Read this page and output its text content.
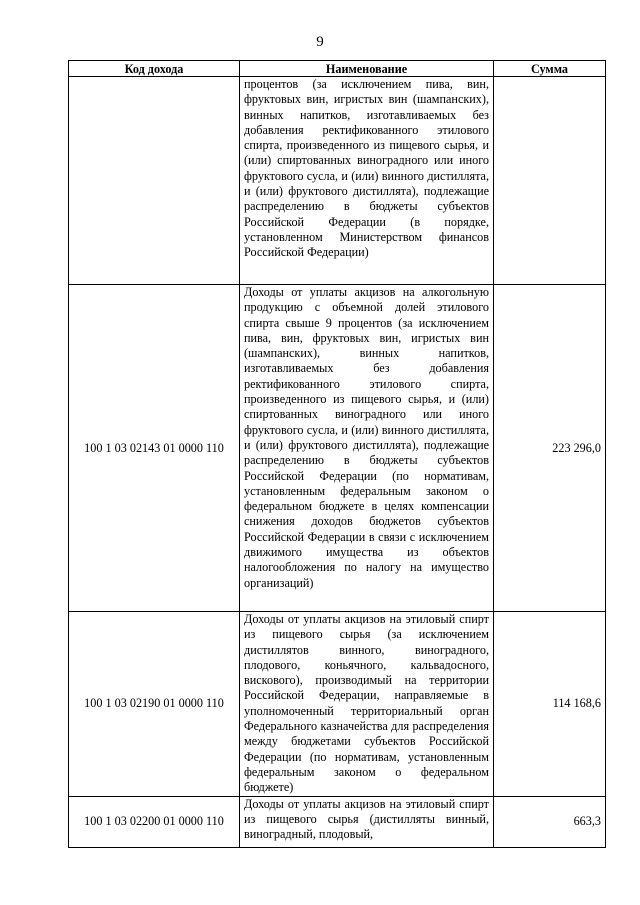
9
Код дохода	Наименование	Сумма
	процентов (за исключением пива, вин, фруктовых вин, игристых вин (шампанских), винных напитков, изготавливаемых без добавления ректификованного этилового спирта, произведенного из пищевого сырья, и (или) спиртованных виноградного или иного фруктового сусла, и (или) винного дистиллята, и (или) фруктового дистиллята), подлежащие распределению в бюджеты субъектов Российской Федерации (в порядке, установленном Министерством финансов Российской Федерации)	
100 1 03 02143 01 0000 110	Доходы от уплаты акцизов на алкогольную продукцию с объемной долей этилового спирта свыше 9 процентов (за исключением пива, вин, фруктовых вин, игристых вин (шампанских), винных напитков, изготавливаемых без добавления ректификованного этилового спирта, произведенного из пищевого сырья, и (или) спиртованных виноградного или иного фруктового сусла, и (или) винного дистиллята, и (или) фруктового дистиллята), подлежащие распределению в бюджеты субъектов Российской Федерации (по нормативам, установленным федеральным законом о федеральном бюджете в целях компенсации снижения доходов бюджетов субъектов Российской Федерации в связи с исключением движимого имущества из объектов налогообложения по налогу на имущество организаций)	223 296,0
100 1 03 02190 01 0000 110	Доходы от уплаты акцизов на этиловый спирт из пищевого сырья (за исключением дистиллятов винного, виноградного, плодового, коньячного, кальвадосного, вискового), производимый на территории Российской Федерации, направляемые в уполномоченный территориальный орган Федерального казначейства для распределения между бюджетами субъектов Российской Федерации (по нормативам, установленным федеральным законом о федеральном бюджете)	114 168,6
100 1 03 02200 01 0000 110	Доходы от уплаты акцизов на этиловый спирт из пищевого сырья (дистилляты винный, виноградный, плодовый,	663,3
